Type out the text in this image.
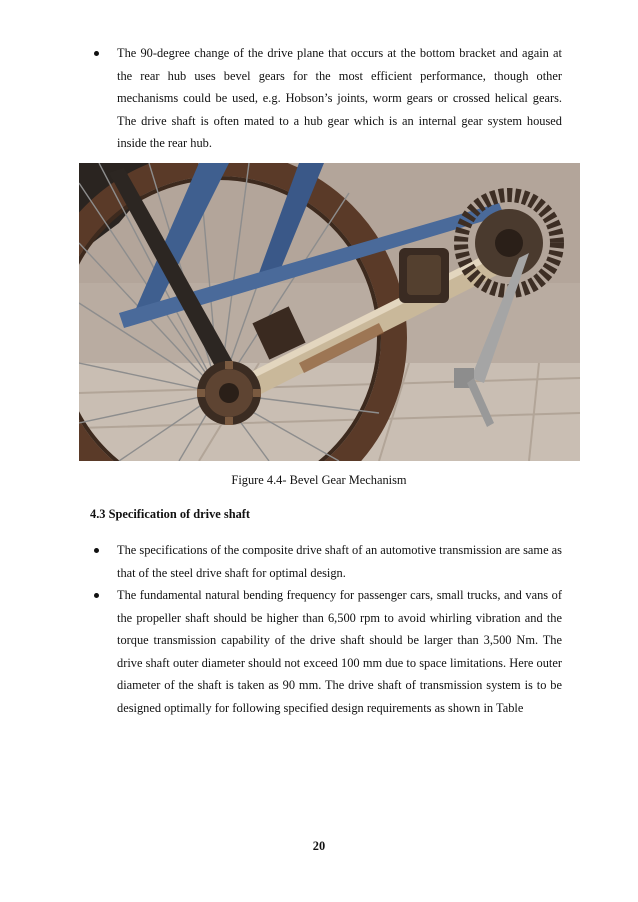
The 90-degree change of the drive plane that occurs at the bottom bracket and again at the rear hub uses bevel gears for the most efficient performance, though other mechanisms could be used, e.g. Hobson’s joints, worm gears or crossed helical gears. The drive shaft is often mated to a hub gear which is an internal gear system housed inside the rear hub.
Figure 4.4- Bevel Gear Mechanism
4.3 Specification of drive shaft
The specifications of the composite drive shaft of an automotive transmission are same as that of the steel drive shaft for optimal design.
The fundamental natural bending frequency for passenger cars, small trucks, and vans of the propeller shaft should be higher than 6,500 rpm to avoid whirling vibration and the torque transmission capability of the drive shaft should be larger than 3,500 Nm. The drive shaft outer diameter should not exceed 100 mm due to space limitations. Here outer diameter of the shaft is taken as 90 mm. The drive shaft of transmission system is to be designed optimally for following specified design requirements as shown in Table
20
